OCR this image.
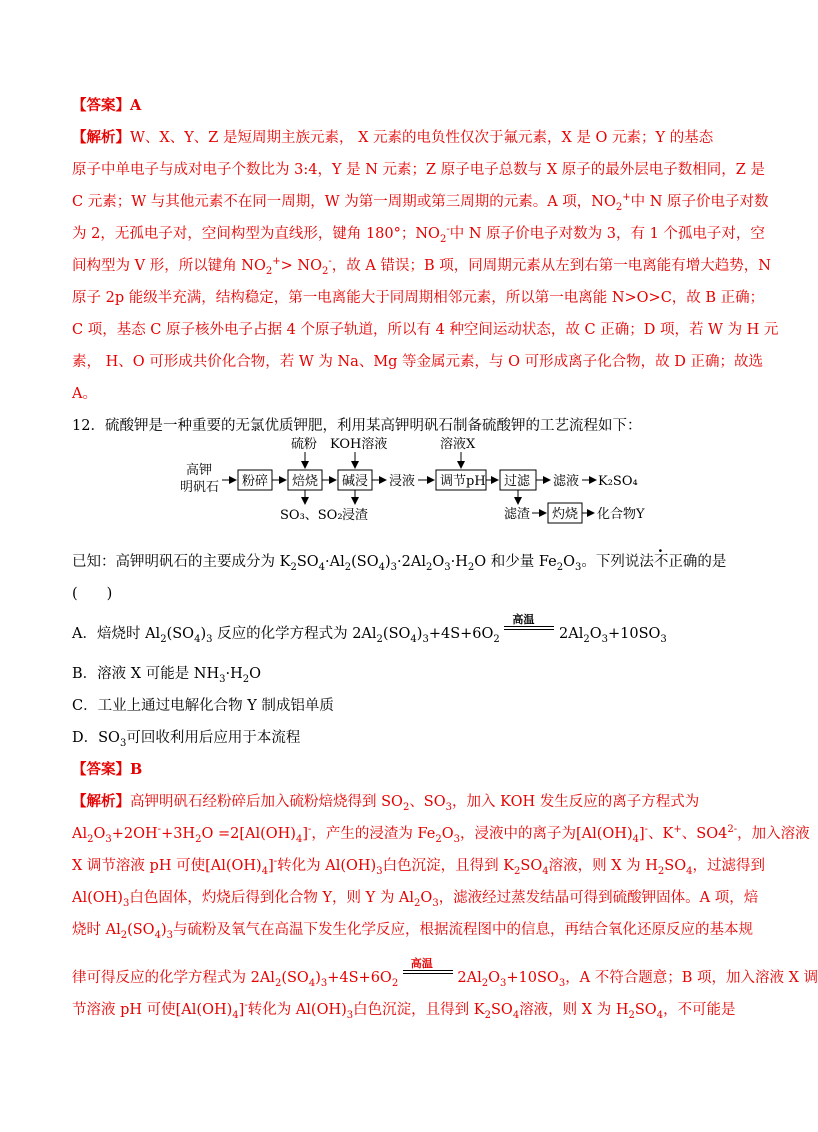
【答案】A
【解析】W、X、Y、Z 是短周期主族元素， X 元素的电负性仅次于氟元素，X 是 O 元素；Y 的基态
原子中单电子与成对电子个数比为 3:4，Y 是 N 元素；Z 原子电子总数与 X 原子的最外层电子数相同，Z 是
C 元素；W 与其他元素不在同一周期，W 为第一周期或第三周期的元素。A 项，$NO_2^+$中 N 原子价电子对数
为 2，无孤电子对，空间构型为直线形，键角 180°；$NO_2^-$中 N 原子价电子对数为 3，有 1 个孤电子对，空
间构型为 V 形，所以键角 $NO_2^+> NO_2^-$，故 A 错误；B 项，同周期元素从左到右第一电离能有增大趋势，N
原子 2p 能级半充满，结构稳定，第一电离能大于同周期相邻元素，所以第一电离能 N>O>C，故 B 正确；
C 项，基态 C 原子核外电子占据 4 个原子轨道，所以有 4 种空间运动状态，故 C 正确；D 项，若 W 为 H 元
素， H、O 可形成共价化合物，若 W 为 Na、Mg 等金属元素，与 O 可形成离子化合物，故 D 正确；故选
A。
12．硫酸钾是一种重要的无氯优质钾肥，利用某高钾明矾石制备硫酸钾的工艺流程如下：
高钾
明矾石 粉碎 焙烧 碱浸	调节pH 过滤
灼烧
硫粉 KOH溶液	溶液X
SO₃、SO₂ 浸渣
浸液	滤液 K₂SO₄
滤渣	化合物Y
已知：高钾明矾石的主要成分为 $K_2SO_4\cdot Al_2(SO_4)_3\cdot 2Al_2O_3\cdot H_2O$ 和少量 $Fe_2O_3$。下列说法不正确的是
(　　)
A．焙烧时 $Al_2(SO_4)_3$ 反应的化学方程式为 $2Al_2(SO_4)_3+4S+6O_2$
高温
$2Al_2O_3+10SO_3$
B．溶液 X 可能是 $NH_3\cdot H_2O$
C．工业上通过电解化合物 Y 制成铝单质
D．$SO_3$可回收利用后应用于本流程
【答案】B
【解析】高钾明矾石经粉碎后加入硫粉焙烧得到 $SO_2$、$SO_3$，加入 KOH 发生反应的离子方程式为
$Al_2O_3+2OH^-+3H_2O =2[Al(OH)_4]^-$，产生的浸渣为 $Fe_2O_3$，浸液中的离子为$[Al(OH)_4]^-$、K+、$SO4^{2-}$，加入溶液
X 调节溶液 pH 可使$[Al(OH)_4]^-$转化为 $Al(OH)_3$白色沉淀，且得到 $K_2SO_4$溶液，则 X 为 $H_2SO_4$，过滤得到
$Al(OH)_3$白色固体，灼烧后得到化合物 Y，则 Y 为 $Al_2O_3$，滤液经过蒸发结晶可得到硫酸钾固体。A 项，焙
烧时 $Al_2(SO_4)_3$与硫粉及氧气在高温下发生化学反应，根据流程图中的信息，再结合氧化还原反应的基本规
律可得反应的化学方程式为 $2Al_2(SO_4)_3+4S+6O_2$
高温
$2Al_2O_3+10SO_3$，A 不符合题意；B 项，加入溶液 X 调
节溶液 pH 可使$[Al(OH)_4]^-$转化为 $Al(OH)_3$白色沉淀，且得到 $K_2SO_4$溶液，则 X 为 $H_2SO_4$，不可能是
